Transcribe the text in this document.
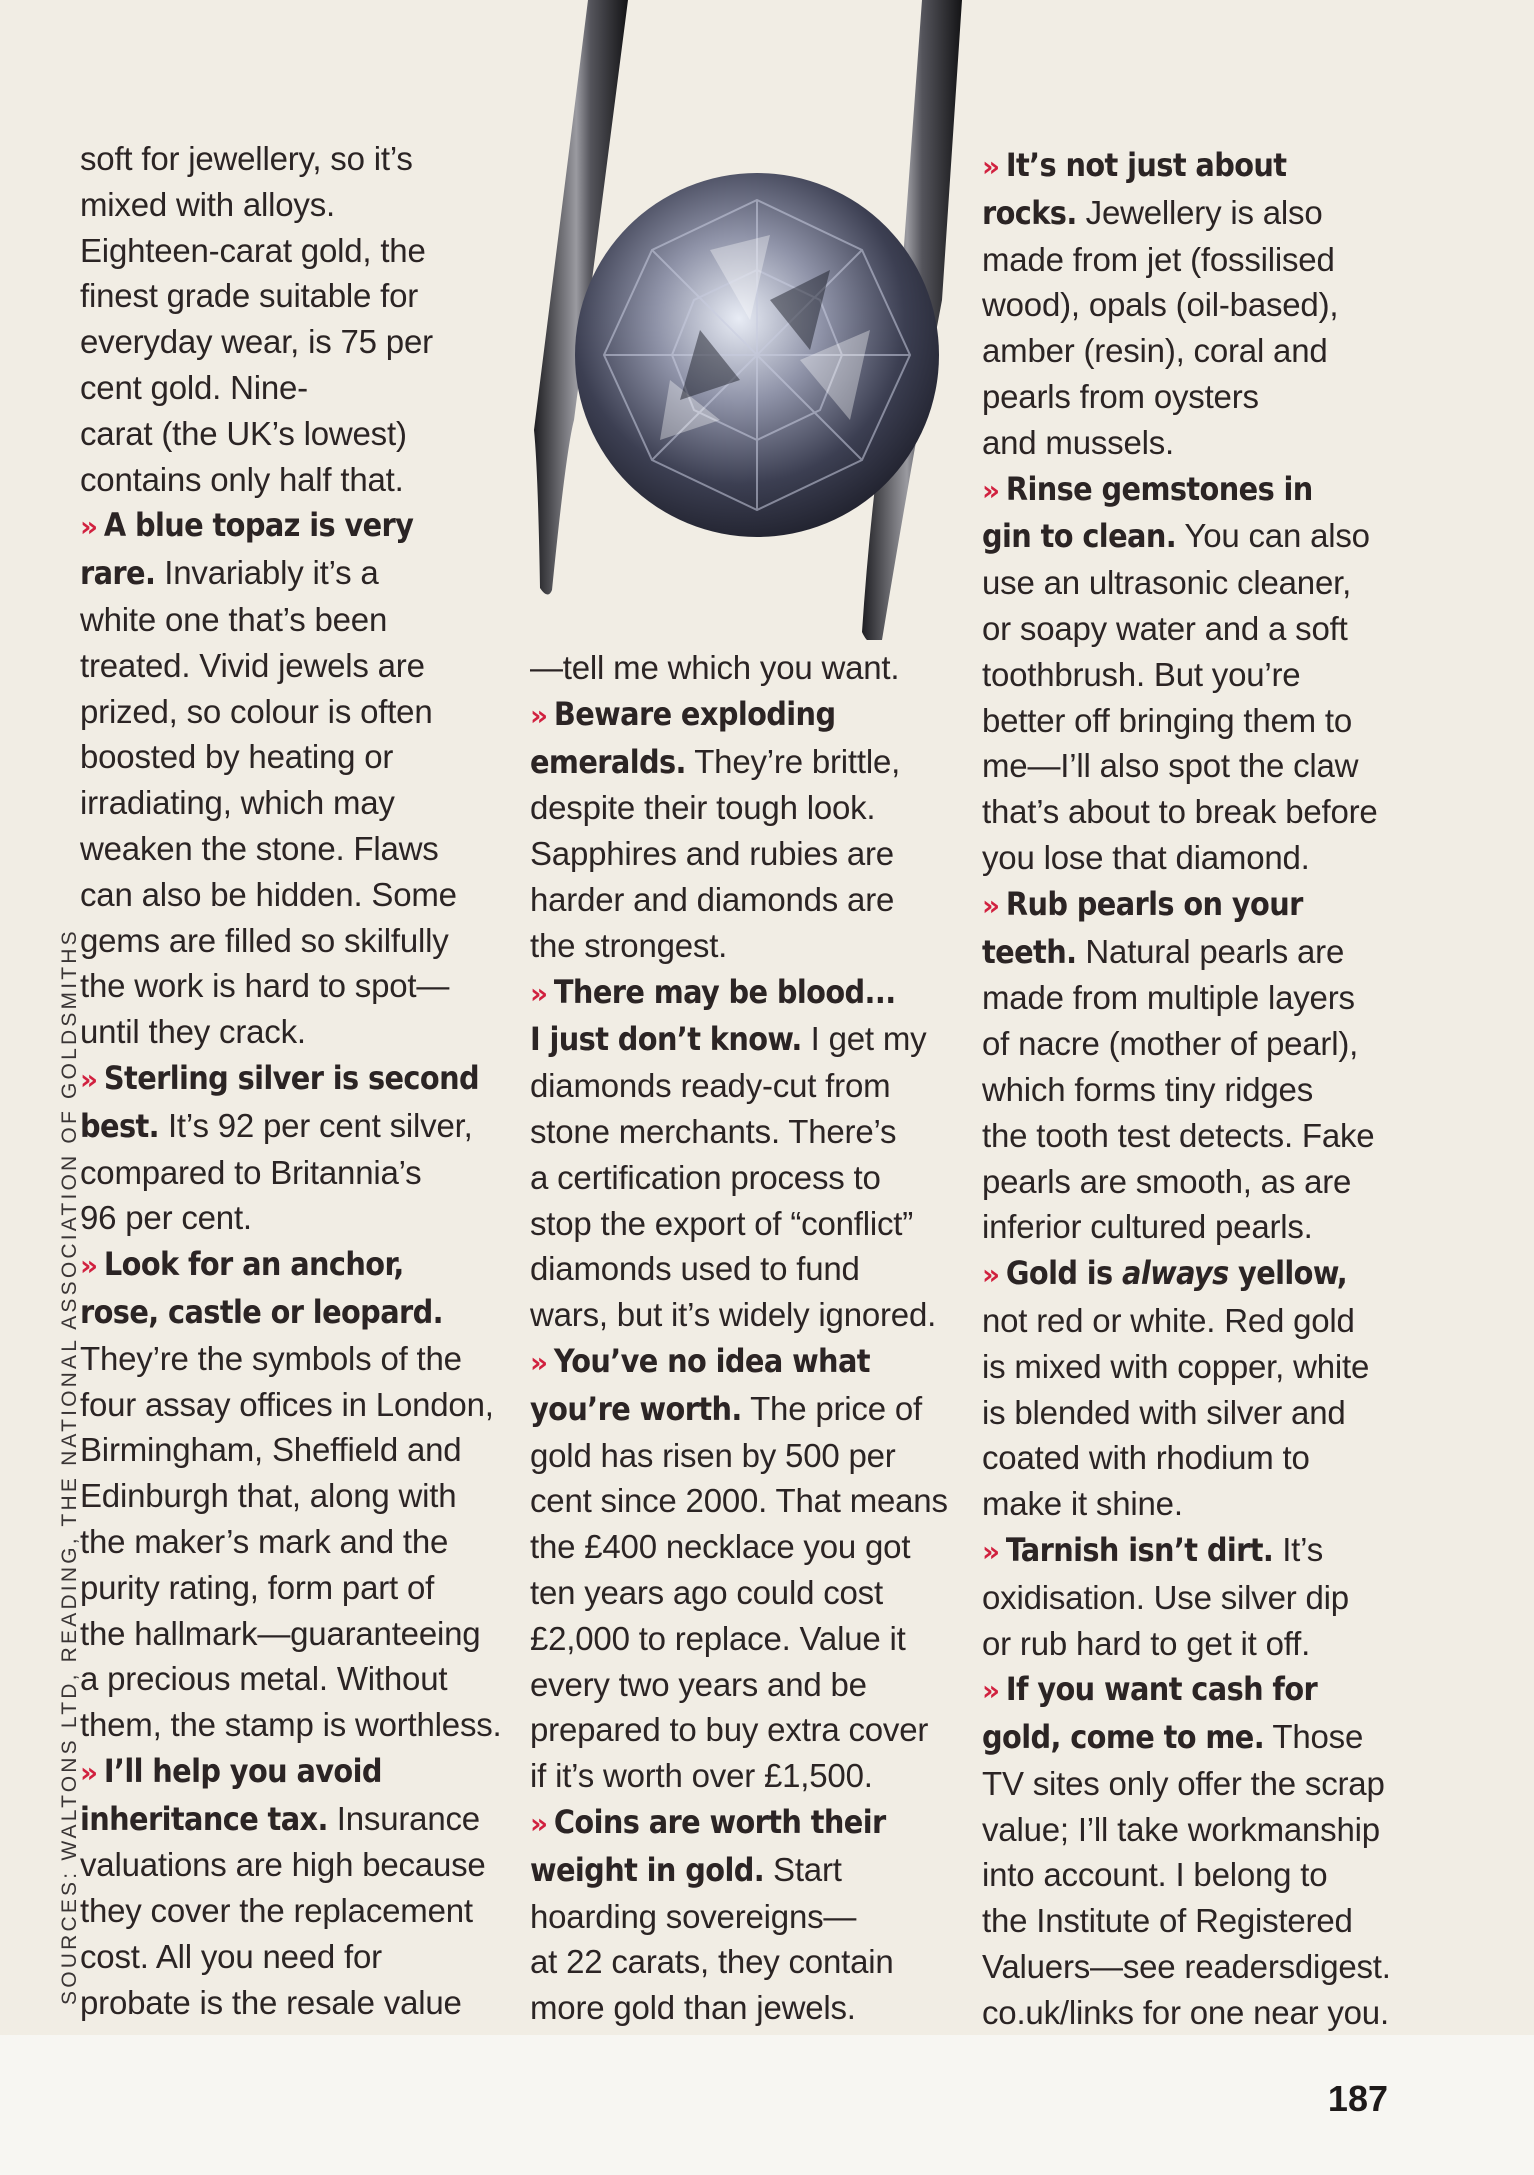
SOURCES: WALTONS LTD, READING, THE NATIONAL ASSOCIATION OF GOLDSMITHS
soft for jewellery, so it’s
mixed with alloys.
Eighteen-carat gold, the
finest grade suitable for
everyday wear, is 75 per
cent gold. Nine-
carat (the UK’s lowest)
contains only half that.
» A blue topaz is very
rare. Invariably it’s a
white one that’s been
treated. Vivid jewels are
prized, so colour is often
boosted by heating or
irradiating, which may
weaken the stone. Flaws
can also be hidden. Some
gems are filled so skilfully
the work is hard to spot—
until they crack.
» Sterling silver is second
best. It’s 92 per cent silver,
compared to Britannia’s
96 per cent.
» Look for an anchor,
rose, castle or leopard.
They’re the symbols of the
four assay offices in London,
Birmingham, Sheffield and
Edinburgh that, along with
the maker’s mark and the
purity rating, form part of
the hallmark—guaranteeing
a precious metal. Without
them, the stamp is worthless.
» I’ll help you avoid
inheritance tax. Insurance
valuations are high because
they cover the replacement
cost. All you need for
probate is the resale value
—tell me which you want.
» Beware exploding
emeralds. They’re brittle,
despite their tough look.
Sapphires and rubies are
harder and diamonds are
the strongest.
» There may be blood...
I just don’t know. I get my
diamonds ready-cut from
stone merchants. There’s
a certification process to
stop the export of “conflict”
diamonds used to fund
wars, but it’s widely ignored.
» You’ve no idea what
you’re worth. The price of
gold has risen by 500 per
cent since 2000. That means
the £400 necklace you got
ten years ago could cost
£2,000 to replace. Value it
every two years and be
prepared to buy extra cover
if it’s worth over £1,500.
» Coins are worth their
weight in gold. Start
hoarding sovereigns—
at 22 carats, they contain
more gold than jewels.
» It’s not just about
rocks. Jewellery is also
made from jet (fossilised
wood), opals (oil-based),
amber (resin), coral and
pearls from oysters
and mussels.
» Rinse gemstones in
gin to clean. You can also
use an ultrasonic cleaner,
or soapy water and a soft
toothbrush. But you’re
better off bringing them to
me—I’ll also spot the claw
that’s about to break before
you lose that diamond.
» Rub pearls on your
teeth. Natural pearls are
made from multiple layers
of nacre (mother of pearl),
which forms tiny ridges
the tooth test detects. Fake
pearls are smooth, as are
inferior cultured pearls.
» Gold is always yellow,
not red or white. Red gold
is mixed with copper, white
is blended with silver and
coated with rhodium to
make it shine.
» Tarnish isn’t dirt. It’s
oxidisation. Use silver dip
or rub hard to get it off.
» If you want cash for
gold, come to me. Those
TV sites only offer the scrap
value; I’ll take workmanship
into account. I belong to
the Institute of Registered
Valuers—see readersdigest.
co.uk/links for one near you.
187
